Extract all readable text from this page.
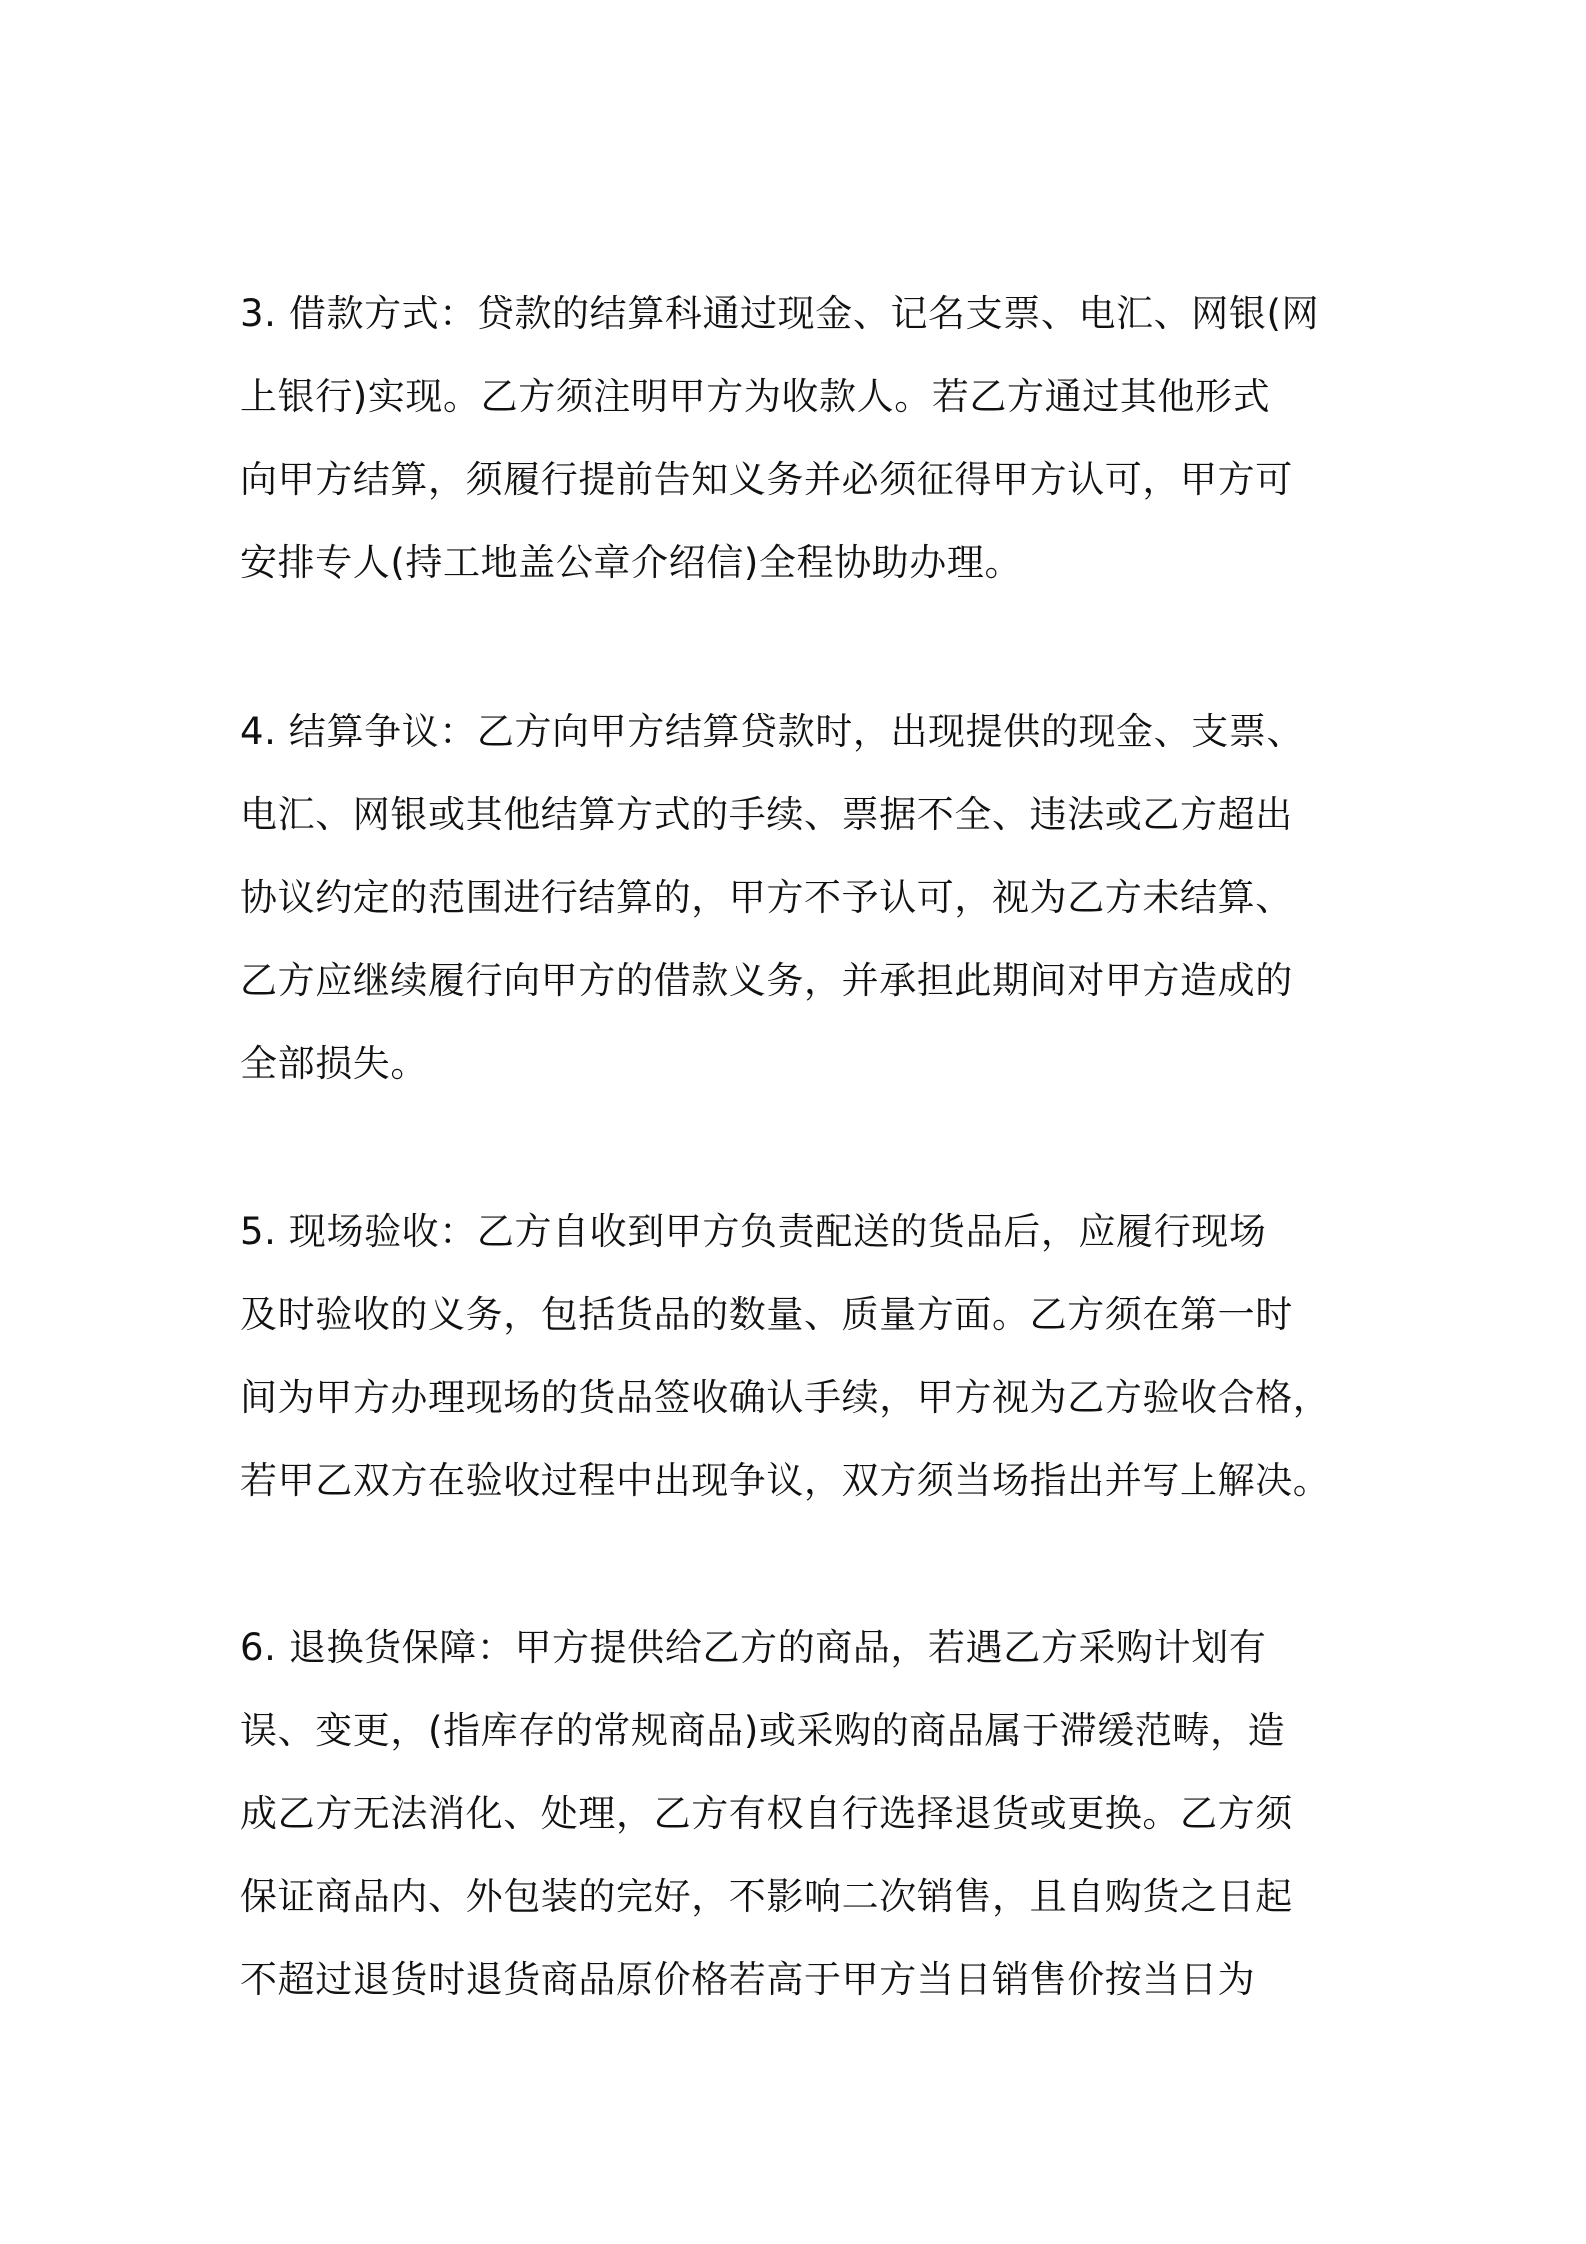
3. 借款方式：贷款的结算科通过现金、记名支票、电汇、网银(网
上银行)实现。乙方须注明甲方为收款人。若乙方通过其他形式
向甲方结算，须履行提前告知义务并必须征得甲方认可，甲方可
安排专人(持工地盖公章介绍信)全程协助办理。
4. 结算争议：乙方向甲方结算贷款时，出现提供的现金、支票、
电汇、网银或其他结算方式的手续、票据不全、违法或乙方超出
协议约定的范围进行结算的，甲方不予认可，视为乙方未结算、
乙方应继续履行向甲方的借款义务，并承担此期间对甲方造成的
全部损失。
5. 现场验收：乙方自收到甲方负责配送的货品后，应履行现场
及时验收的义务，包括货品的数量、质量方面。乙方须在第一时
间为甲方办理现场的货品签收确认手续，甲方视为乙方验收合格，
若甲乙双方在验收过程中出现争议，双方须当场指出并写上解决。
6. 退换货保障：甲方提供给乙方的商品，若遇乙方采购计划有
误、变更，(指库存的常规商品)或采购的商品属于滞缓范畴，造
成乙方无法消化、处理，乙方有权自行选择退货或更换。乙方须
保证商品内、外包装的完好，不影响二次销售，且自购货之日起
不超过退货时退货商品原价格若高于甲方当日销售价按当日为
